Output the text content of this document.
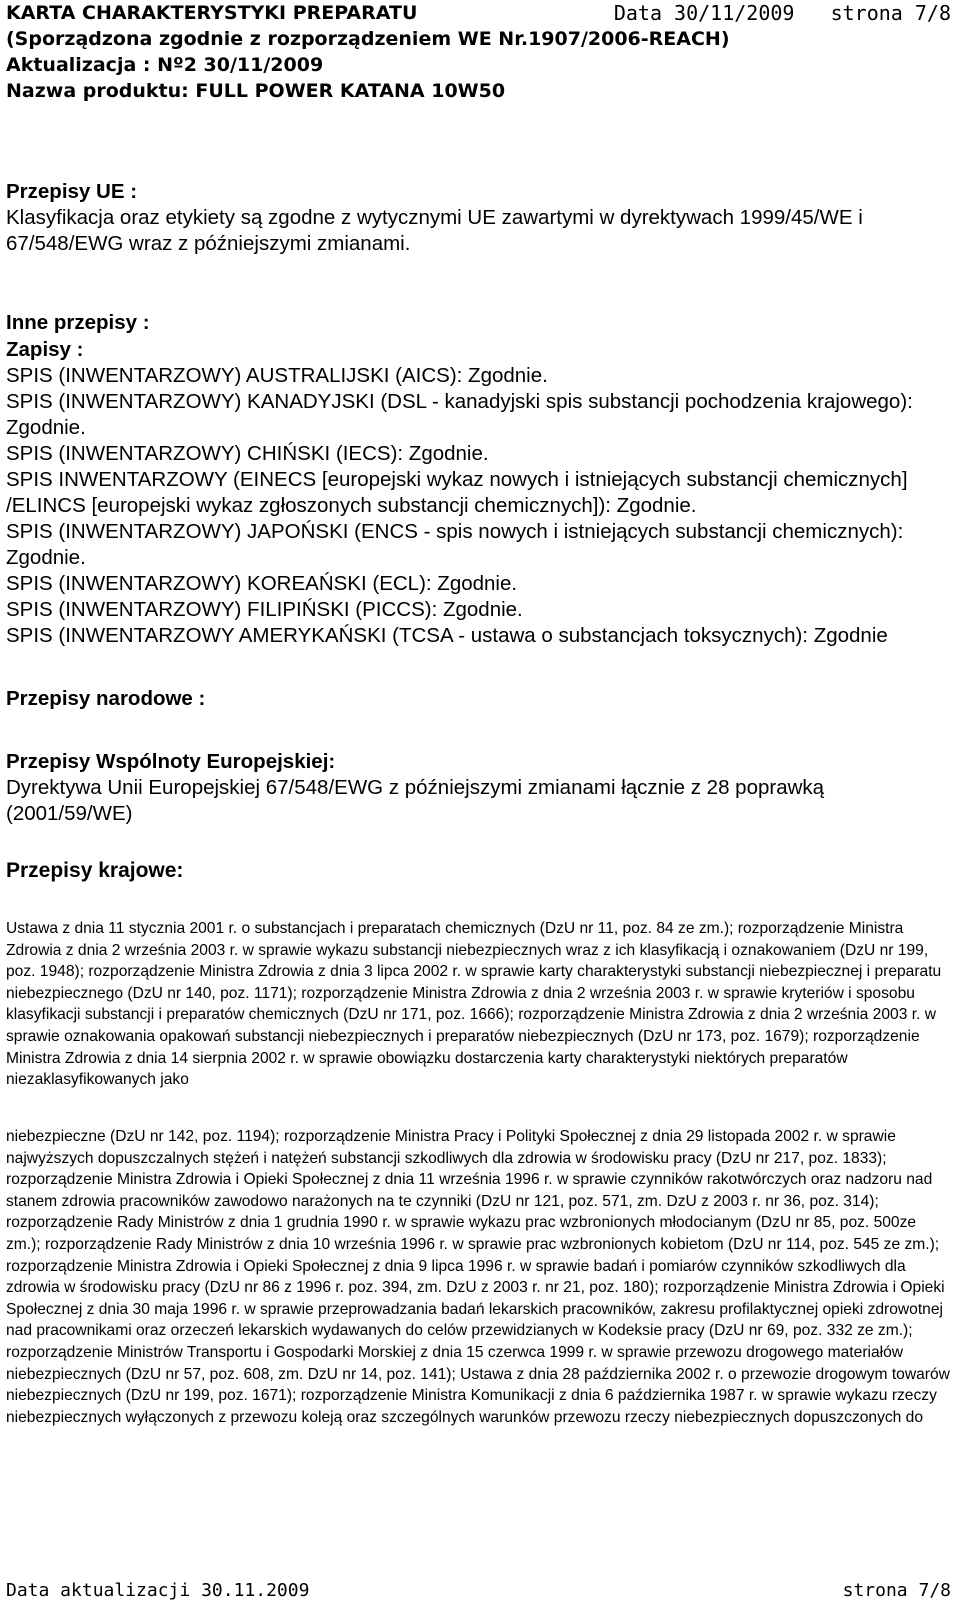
KARTA CHARAKTERYSTYKI PREPARATU	Data 30/11/2009 strona 7/8
(Sporządzona zgodnie z rozporządzeniem WE Nr.1907/2006-REACH)
Aktualizacja : Nº2 30/11/2009
Nazwa produktu: FULL POWER KATANA 10W50
Przepisy UE :

Klasyfikacja oraz etykiety są zgodne z wytycznymi UE zawartymi w dyrektywach 1999/45/WE i 67/548/EWG wraz z późniejszymi zmianami.

Inne przepisy :
Zapisy :

SPIS (INWENTARZOWY) AUSTRALIJSKI (AICS): Zgodnie.

SPIS (INWENTARZOWY) KANADYJSKI (DSL - kanadyjski spis substancji pochodzenia krajowego): Zgodnie.

SPIS (INWENTARZOWY) CHIŃSKI (IECS): Zgodnie.

SPIS INWENTARZOWY (EINECS [europejski wykaz nowych i istniejących substancji chemicznych] /ELINCS [europejski wykaz zgłoszonych substancji chemicznych]): Zgodnie.

SPIS (INWENTARZOWY) JAPOŃSKI (ENCS - spis nowych i istniejących substancji chemicznych): Zgodnie.

SPIS (INWENTARZOWY) KOREAŃSKI (ECL): Zgodnie.

SPIS (INWENTARZOWY) FILIPIŃSKI (PICCS): Zgodnie.

SPIS (INWENTARZOWY AMERYKAŃSKI (TCSA - ustawa o substancjach toksycznych): Zgodnie

Przepisy narodowe :
Przepisy Wspólnoty Europejskiej:

Dyrektywa Unii Europejskiej 67/548/EWG z późniejszymi zmianami łącznie z 28 poprawką (2001/59/WE)

Przepisy krajowe:

Ustawa z dnia 11 stycznia 2001 r. o substancjach i preparatach chemicznych (DzU nr 11, poz. 84 ze zm.); rozporządzenie Ministra Zdrowia z dnia 2 września 2003 r. w sprawie wykazu substancji niebezpiecznych wraz z ich klasyfikacją i oznakowaniem (DzU nr 199, poz. 1948); rozporządzenie Ministra Zdrowia z dnia 3 lipca 2002 r. w sprawie karty charakterystyki substancji niebezpiecznej i preparatu niebezpiecznego (DzU nr 140, poz. 1171); rozporządzenie Ministra Zdrowia z dnia 2 września 2003 r. w sprawie kryteriów i sposobu klasyfikacji substancji i preparatów chemicznych (DzU nr 171, poz. 1666); rozporządzenie Ministra Zdrowia z dnia 2 września 2003 r. w sprawie oznakowania opakowań substancji niebezpiecznych i preparatów niebezpiecznych (DzU nr 173, poz. 1679); rozporządzenie Ministra Zdrowia z dnia 14 sierpnia 2002 r. w sprawie obowiązku dostarczenia karty charakterystyki niektórych preparatów niezaklasyfikowanych jako

niebezpieczne (DzU nr 142, poz. 1194); rozporządzenie Ministra Pracy i Polityki Społecznej z dnia 29 listopada 2002 r. w sprawie najwyższych dopuszczalnych stężeń i natężeń substancji szkodliwych dla zdrowia w środowisku pracy (DzU nr 217, poz. 1833); rozporządzenie Ministra Zdrowia i Opieki Społecznej z dnia 11 września 1996 r. w sprawie czynników rakotwórczych oraz nadzoru nad stanem zdrowia pracowników zawodowo narażonych na te czynniki (DzU nr 121, poz. 571, zm. DzU z 2003 r. nr 36, poz. 314); rozporządzenie Rady Ministrów z dnia 1 grudnia 1990 r. w sprawie wykazu prac wzbronionych młodocianym (DzU nr 85, poz. 500ze zm.); rozporządzenie Rady Ministrów z dnia 10 września 1996 r. w sprawie prac wzbronionych kobietom (DzU nr 114, poz. 545 ze zm.); rozporządzenie Ministra Zdrowia i Opieki Społecznej z dnia 9 lipca 1996 r. w sprawie badań i pomiarów czynników szkodliwych dla zdrowia w środowisku pracy (DzU nr 86 z 1996 r. poz. 394, zm. DzU z 2003 r. nr 21, poz. 180); rozporządzenie Ministra Zdrowia i Opieki Społecznej z dnia 30 maja 1996 r. w sprawie przeprowadzania badań lekarskich pracowników, zakresu profilaktycznej opieki zdrowotnej nad pracownikami oraz orzeczeń lekarskich wydawanych do celów przewidzianych w Kodeksie pracy (DzU nr 69, poz. 332 ze zm.); rozporządzenie Ministrów Transportu i Gospodarki Morskiej z dnia 15 czerwca 1999 r. w sprawie przewozu drogowego materiałów niebezpiecznych (DzU nr 57, poz. 608, zm. DzU nr 14, poz. 141); Ustawa z dnia 28 października 2002 r. o przewozie drogowym towarów niebezpiecznych (DzU nr 199, poz. 1671); rozporządzenie Ministra Komunikacji z dnia 6 października 1987 r. w sprawie wykazu rzeczy niebezpiecznych wyłączonych z przewozu koleją oraz szczególnych warunków przewozu rzeczy niebezpiecznych dopuszczonych do

Data aktualizacji 30.11.2009	strona 7/8
